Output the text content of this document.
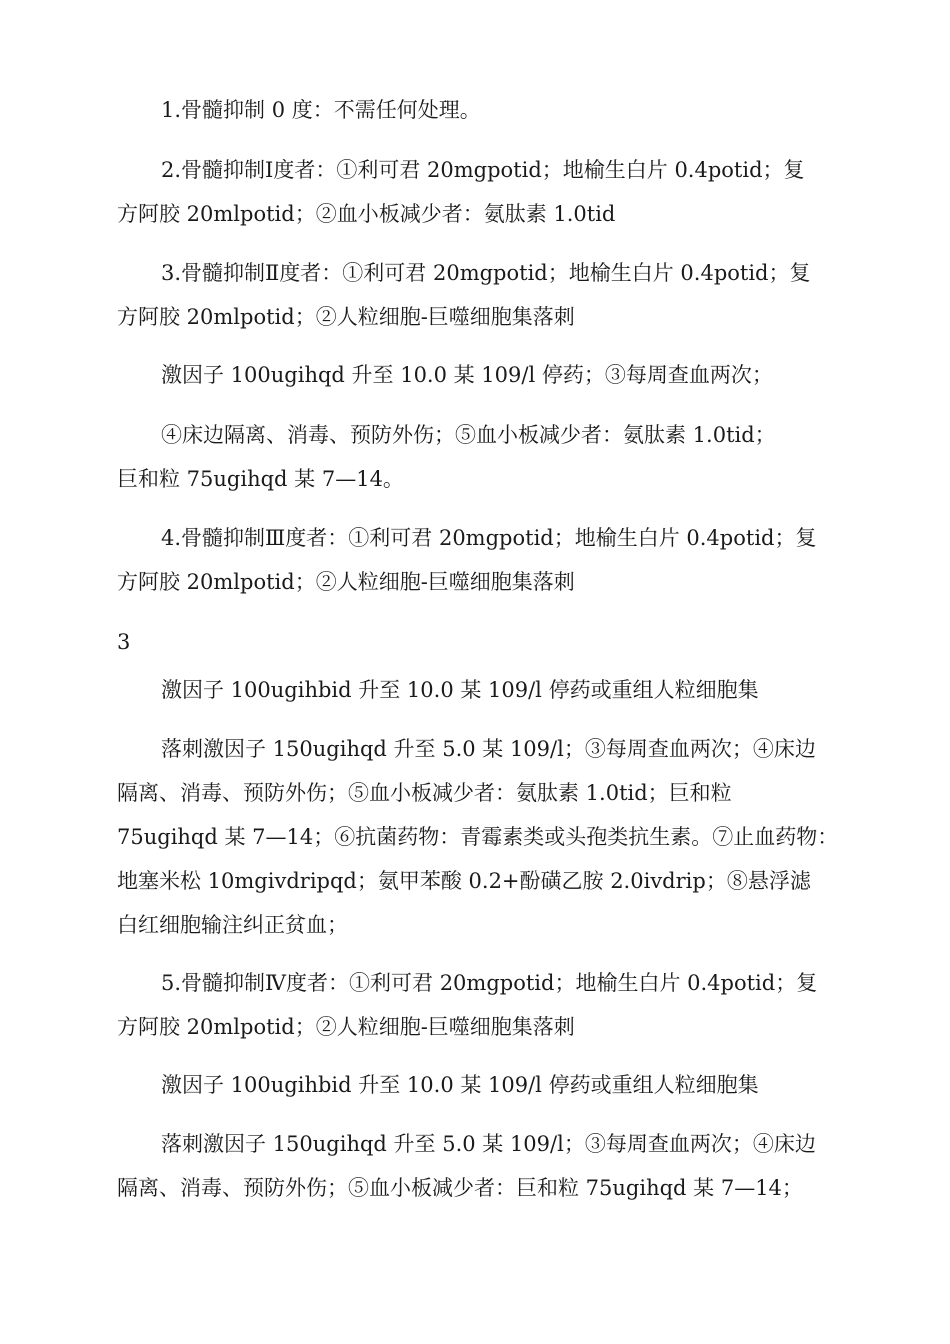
1.骨髓抑制 0 度：不需任何处理。
2.骨髓抑制Ⅰ度者：①利可君 20mgpotid；地榆生白片 0.4potid；复
方阿胶 20mlpotid；②血小板减少者：氨肽素 1.0tid
3.骨髓抑制Ⅱ度者：①利可君 20mgpotid；地榆生白片 0.4potid；复
方阿胶 20mlpotid；②人粒细胞-巨噬细胞集落刺
激因子 100ugihqd 升至 10.0 某 109/l 停药；③每周查血两次；
④床边隔离、消毒、预防外伤；⑤血小板减少者：氨肽素 1.0tid；
巨和粒 75ugihqd 某 7—14。
4.骨髓抑制Ⅲ度者：①利可君 20mgpotid；地榆生白片 0.4potid；复
方阿胶 20mlpotid；②人粒细胞-巨噬细胞集落刺
3
激因子 100ugihbid 升至 10.0 某 109/l 停药或重组人粒细胞集
落刺激因子 150ugihqd 升至 5.0 某 109/l；③每周查血两次；④床边
隔离、消毒、预防外伤；⑤血小板减少者：氨肽素 1.0tid；巨和粒
75ugihqd 某 7—14；⑥抗菌药物：青霉素类或头孢类抗生素。⑦止血药物：
地塞米松 10mgivdripqd；氨甲苯酸 0.2+酚磺乙胺 2.0ivdrip；⑧悬浮滤
白红细胞输注纠正贫血；
5.骨髓抑制Ⅳ度者：①利可君 20mgpotid；地榆生白片 0.4potid；复
方阿胶 20mlpotid；②人粒细胞-巨噬细胞集落刺
激因子 100ugihbid 升至 10.0 某 109/l 停药或重组人粒细胞集
落刺激因子 150ugihqd 升至 5.0 某 109/l；③每周查血两次；④床边
隔离、消毒、预防外伤；⑤血小板减少者：巨和粒 75ugihqd 某 7—14；
